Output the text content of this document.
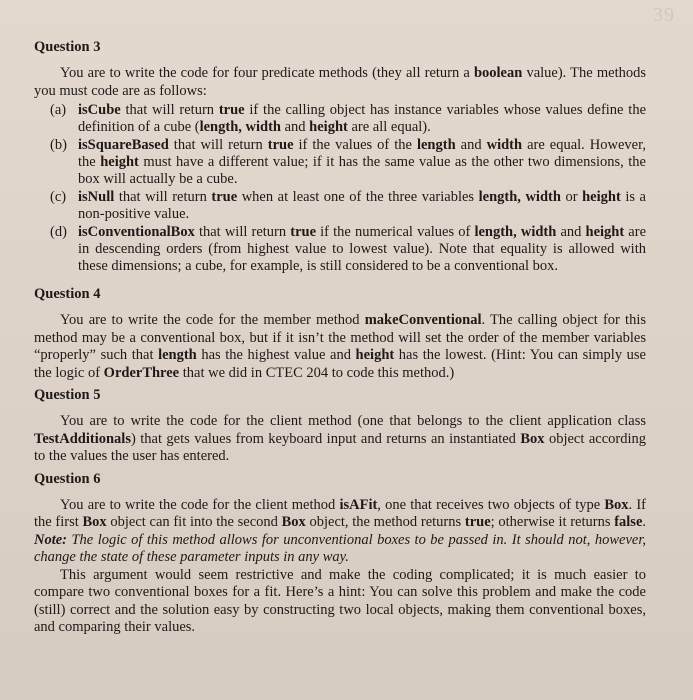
39

Question 3

You are to write the code for four predicate methods (they all return a boolean value). The methods you must code are as follows:

(a) isCube that will return true if the calling object has instance variables whose values define the definition of a cube (length, width and height are all equal).
(b) isSquareBased that will return true if the values of the length and width are equal. However, the height must have a different value; if it has the same value as the other two dimensions, the box will actually be a cube.
(c) isNull that will return true when at least one of the three variables length, width or height is a non-positive value.
(d) isConventionalBox that will return true if the numerical values of length, width and height are in descending orders (from highest value to lowest value). Note that equality is allowed with these dimensions; a cube, for example, is still considered to be a conventional box.

Question 4

You are to write the code for the member method makeConventional. The calling object for this method may be a conventional box, but if it isn’t the method will set the order of the member variables “properly” such that length has the highest value and height has the lowest. (Hint: You can simply use the logic of OrderThree that we did in CTEC 204 to code this method.)

Question 5

You are to write the code for the client method (one that belongs to the client application class TestAdditionals) that gets values from keyboard input and returns an instantiated Box object according to the values the user has entered.

Question 6

You are to write the code for the client method isAFit, one that receives two objects of type Box. If the first Box object can fit into the second Box object, the method returns true; otherwise it returns false. Note: The logic of this method allows for unconventional boxes to be passed in. It should not, however, change the state of these parameter inputs in any way.

This argument would seem restrictive and make the coding complicated; it is much easier to compare two conventional boxes for a fit. Here’s a hint: You can solve this problem and make the code (still) correct and the solution easy by constructing two local objects, making them conventional boxes, and comparing their values.
